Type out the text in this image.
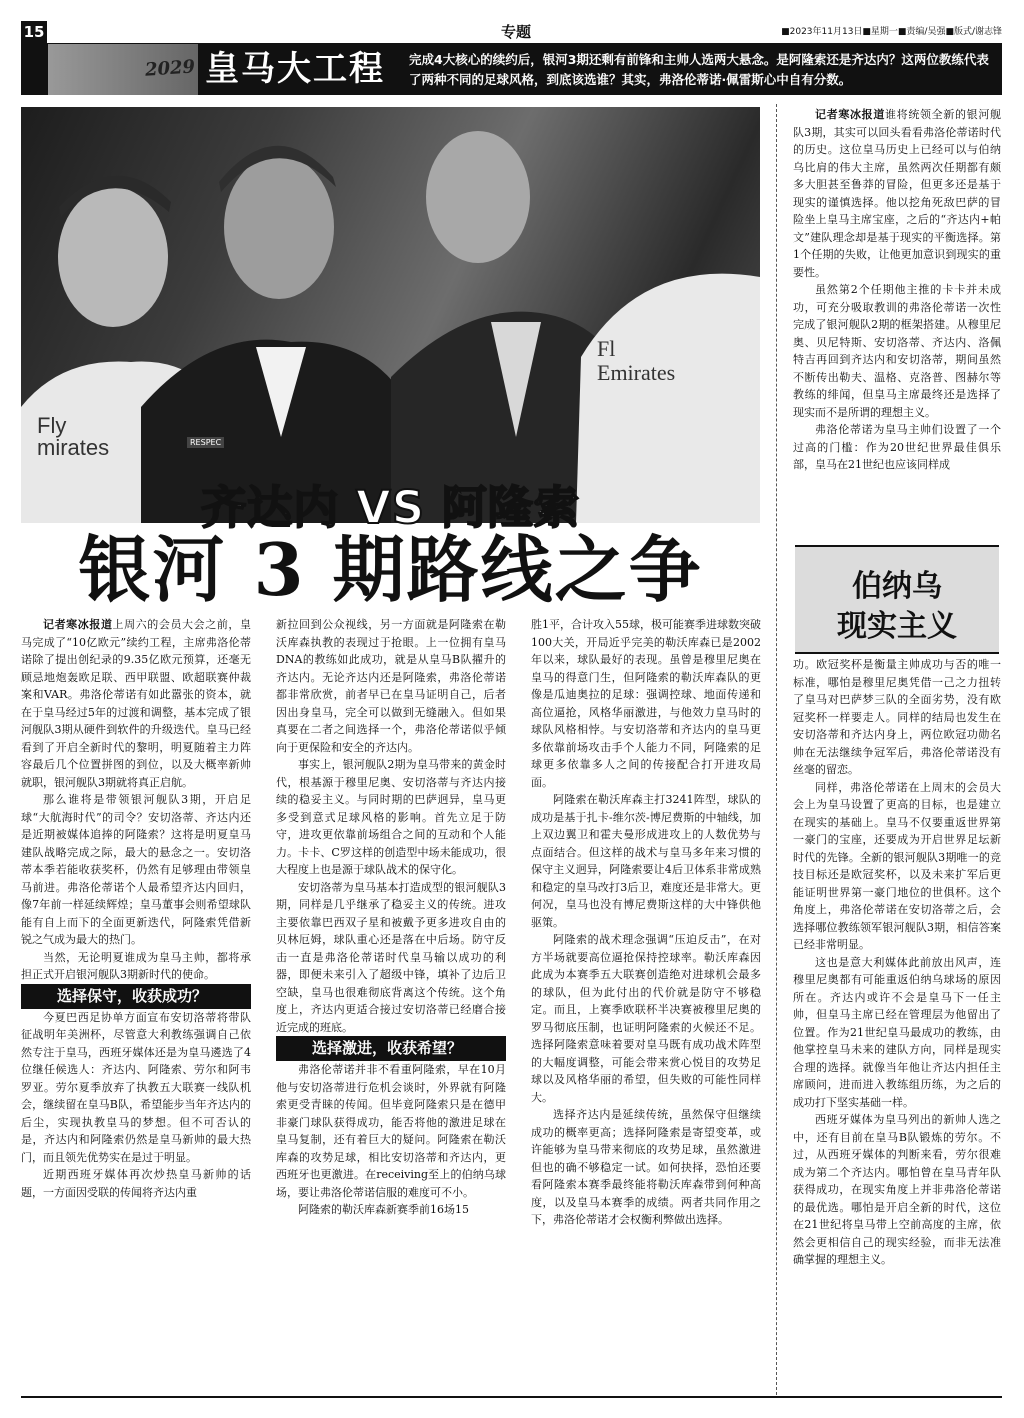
15	专题	■2023年11月13日■星期一■责编/吴强■版式/谢志锋
2029 皇马大工程 完成4大核心的续约后，银河3期还剩有前锋和主帅人选两大悬念。是阿隆索还是齐达内？这两位教练代表了两种不同的足球风格，到底该选谁？其实，弗洛伦蒂诺·佩雷斯心中自有分数。
Fly
mirates	RESPEC
Fl
Emirates
齐达内 VS 阿隆索
银河 3 期路线之争

记者寒冰报道上周六的会员大会之前，皇马完成了“10亿欧元”续约工程，主席弗洛伦蒂诺除了提出创纪录的9.35亿欧元预算，还毫无顾忌地炮轰欧足联、西甲联盟、欧超联赛仲裁案和VAR。弗洛伦蒂诺有如此嚣张的资本，就在于皇马经过5年的过渡和调整，基本完成了银河舰队3期从硬件到软件的升级迭代。皇马已经看到了开启全新时代的黎明，明夏随着主力阵容最后几个位置拼图的到位，以及大概率新帅就职，银河舰队3期就将真正启航。

那么谁将是带领银河舰队3期，开启足球“大航海时代”的司令？安切洛蒂、齐达内还是近期被媒体追捧的阿隆索？这将是明夏皇马建队战略完成之际，最大的悬念之一。安切洛蒂本季若能收获奖杯，仍然有足够理由带领皇马前进。弗洛伦蒂诺个人最希望齐达内回归，像7年前一样延续辉煌；皇马董事会则希望球队能有自上而下的全面更新迭代，阿隆索凭借新锐之气成为最大的热门。

当然，无论明夏谁成为皇马主帅，都将承担正式开启银河舰队3期新时代的使命。

选择保守，收获成功？

今夏巴西足协单方面宣布安切洛蒂将带队征战明年美洲杯，尽管意大利教练强调自己依然专注于皇马，西班牙媒体还是为皇马遴选了4位继任候选人：齐达内、阿隆索、劳尔和阿韦罗亚。劳尔夏季放弃了执教五大联赛一线队机会，继续留在皇马B队，希望能步当年齐达内的后尘，实现执教皇马的梦想。但不可否认的是，齐达内和阿隆索仍然是皇马新帅的最大热门，而且领先优势实在是过于明显。

近期西班牙媒体再次炒热皇马新帅的话题，一方面因受联的传闻将齐达内重

新拉回到公众视线，另一方面就是阿隆索在勒沃库森执教的表现过于抢眼。上一位拥有皇马DNA的教练如此成功，就是从皇马B队擢升的齐达内。无论齐达内还是阿隆索，弗洛伦蒂诺都非常欣赏，前者早已在皇马证明自己，后者因出身皇马，完全可以做到无缝融入。但如果真要在二者之间选择一个，弗洛伦蒂诺似乎倾向于更保险和安全的齐达内。

事实上，银河舰队2期为皇马带来的黄金时代，根基源于穆里尼奥、安切洛蒂与齐达内接续的稳妥主义。与同时期的巴萨迥异，皇马更多受到意式足球风格的影响。首先立足于防守，进攻更依靠前场组合之间的互动和个人能力。卡卡、C罗这样的创造型中场未能成功，很大程度上也是源于球队战术的保守化。

安切洛蒂为皇马基本打造成型的银河舰队3期，同样是几乎继承了稳妥主义的传统。进攻主要依靠巴西双子星和被戴予更多进攻自由的贝林厄姆，球队重心还是落在中后场。防守反击一直是弗洛伦蒂诺时代皇马输以成功的利器，即便未来引入了超级中锋，填补了边后卫空缺，皇马也很难彻底背离这个传统。这个角度上，齐达内更适合接过安切洛蒂已经磨合接近完成的班底。

选择激进，收获希望？

弗洛伦蒂诺并非不看重阿隆索，早在10月他与安切洛蒂进行危机会谈时，外界就有阿隆索更受青睐的传闻。但毕竟阿隆索只是在德甲非豪门球队获得成功，能否将他的激进足球在皇马复制，还有着巨大的疑问。阿隆索在勒沃库森的攻势足球，相比安切洛蒂和齐达内，更西班牙也更激进。在receiving至上的伯纳乌球场，要让弗洛伦蒂诺信服的难度可不小。

阿隆索的勒沃库森新赛季前16场15

胜1平，合计攻入55球，极可能赛季进球数突破100大关，开局近乎完美的勒沃库森已是2002年以来，球队最好的表现。虽曾是穆里尼奥在皇马的得意门生，但阿隆索的勒沃库森队的更像是瓜迪奥拉的足球：强调控球、地面传递和高位逼抢，风格华丽激进，与他效力皇马时的球队风格相悖。与安切洛蒂和齐达内的皇马更多依靠前场攻击手个人能力不同，阿隆索的足球更多依靠多人之间的传接配合打开进攻局面。

阿隆索在勒沃库森主打3241阵型，球队的成功是基于扎卡-维尔茨-博尼费斯的中轴线，加上双边翼卫和霍夫曼形成进攻上的人数优势与点面结合。但这样的战术与皇马多年来习惯的保守主义迥异，阿隆索要让4后卫体系非常成熟和稳定的皇马改打3后卫，难度还是非常大。更何况，皇马也没有博尼费斯这样的大中锋供他驱策。

阿隆索的战术理念强调“压迫反击”，在对方半场就要高位逼抢保持控球率。勒沃库森因此成为本赛季五大联赛创造绝对进球机会最多的球队，但为此付出的代价就是防守不够稳定。而且，上赛季欧联杯半决赛被穆里尼奥的罗马彻底压制，也证明阿隆索的火候还不足。选择阿隆索意味着要对皇马既有成功战术阵型的大幅度调整，可能会带来赏心悦目的攻势足球以及风格华丽的希望，但失败的可能性同样大。

选择齐达内是延续传统，虽然保守但继续成功的概率更高；选择阿隆索是寄望变革，或许能够为皇马带来彻底的攻势足球，虽然激进但也的确不够稳定一试。如何抉择，恐怕还要看阿隆索本赛季最终能将勒沃库森带到何种高度，以及皇马本赛季的成绩。两者共同作用之下，弗洛伦蒂诺才会权衡利弊做出选择。

记者寒冰报道谁将统领全新的银河舰队3期，其实可以回头看看弗洛伦蒂诺时代的历史。这位皇马历史上已经可以与伯纳乌比肩的伟大主席，虽然两次任期都有颇多大胆甚至鲁莽的冒险，但更多还是基于现实的谨慎选择。他以挖角死敌巴萨的冒险坐上皇马主席宝座，之后的“齐达内+帕文”建队理念却是基于现实的平衡选择。第1个任期的失败，让他更加意识到现实的重要性。

虽然第2个任期他主推的卡卡并未成功，可充分吸取教训的弗洛伦蒂诺一次性完成了银河舰队2期的框架搭建。从穆里尼奥、贝尼特斯、安切洛蒂、齐达内、洛佩特吉再回到齐达内和安切洛蒂，期间虽然不断传出勒夫、温格、克洛普、图赫尔等教练的绯闻，但皇马主席最终还是选择了现实而不是所谓的理想主义。

弗洛伦蒂诺为皇马主帅们设置了一个过高的门槛：作为20世纪世界最佳俱乐部，皇马在21世纪也应该同样成

伯纳乌
现实主义

功。欧冠奖杯是衡量主帅成功与否的唯一标准，哪怕是穆里尼奥凭借一己之力扭转了皇马对巴萨梦三队的全面劣势，没有欧冠奖杯一样要走人。同样的结局也发生在安切洛蒂和齐达内身上，两位欧冠功勋名帅在无法继续争冠军后，弗洛伦蒂诺没有丝毫的留恋。

同样，弗洛伦蒂诺在上周末的会员大会上为皇马设置了更高的目标，也是建立在现实的基础上。皇马不仅要重返世界第一豪门的宝座，还要成为开启世界足坛新时代的先锋。全新的银河舰队3期唯一的竞技目标还是欧冠奖杯，以及未来扩军后更能证明世界第一豪门地位的世俱杯。这个角度上，弗洛伦蒂诺在安切洛蒂之后，会选择哪位教练领军银河舰队3期，相信答案已经非常明显。

这也是意大利媒体此前放出风声，连穆里尼奥都有可能重返伯纳乌球场的原因所在。齐达内或许不会是皇马下一任主帅，但皇马主席已经在管理层为他留出了位置。作为21世纪皇马最成功的教练，由他掌控皇马未来的建队方向，同样是现实合理的选择。就像当年他让齐达内担任主席顾问，进而进入教练组历练，为之后的成功打下坚实基础一样。

西班牙媒体为皇马列出的新帅人选之中，还有目前在皇马B队锻炼的劳尔。不过，从西班牙媒体的判断来看，劳尔很难成为第二个齐达内。哪怕曾在皇马青年队获得成功，在现实角度上并非弗洛伦蒂诺的最优选。哪怕是开启全新的时代，这位在21世纪将皇马带上空前高度的主席，依然会更相信自己的现实经验，而非无法准确掌握的理想主义。
